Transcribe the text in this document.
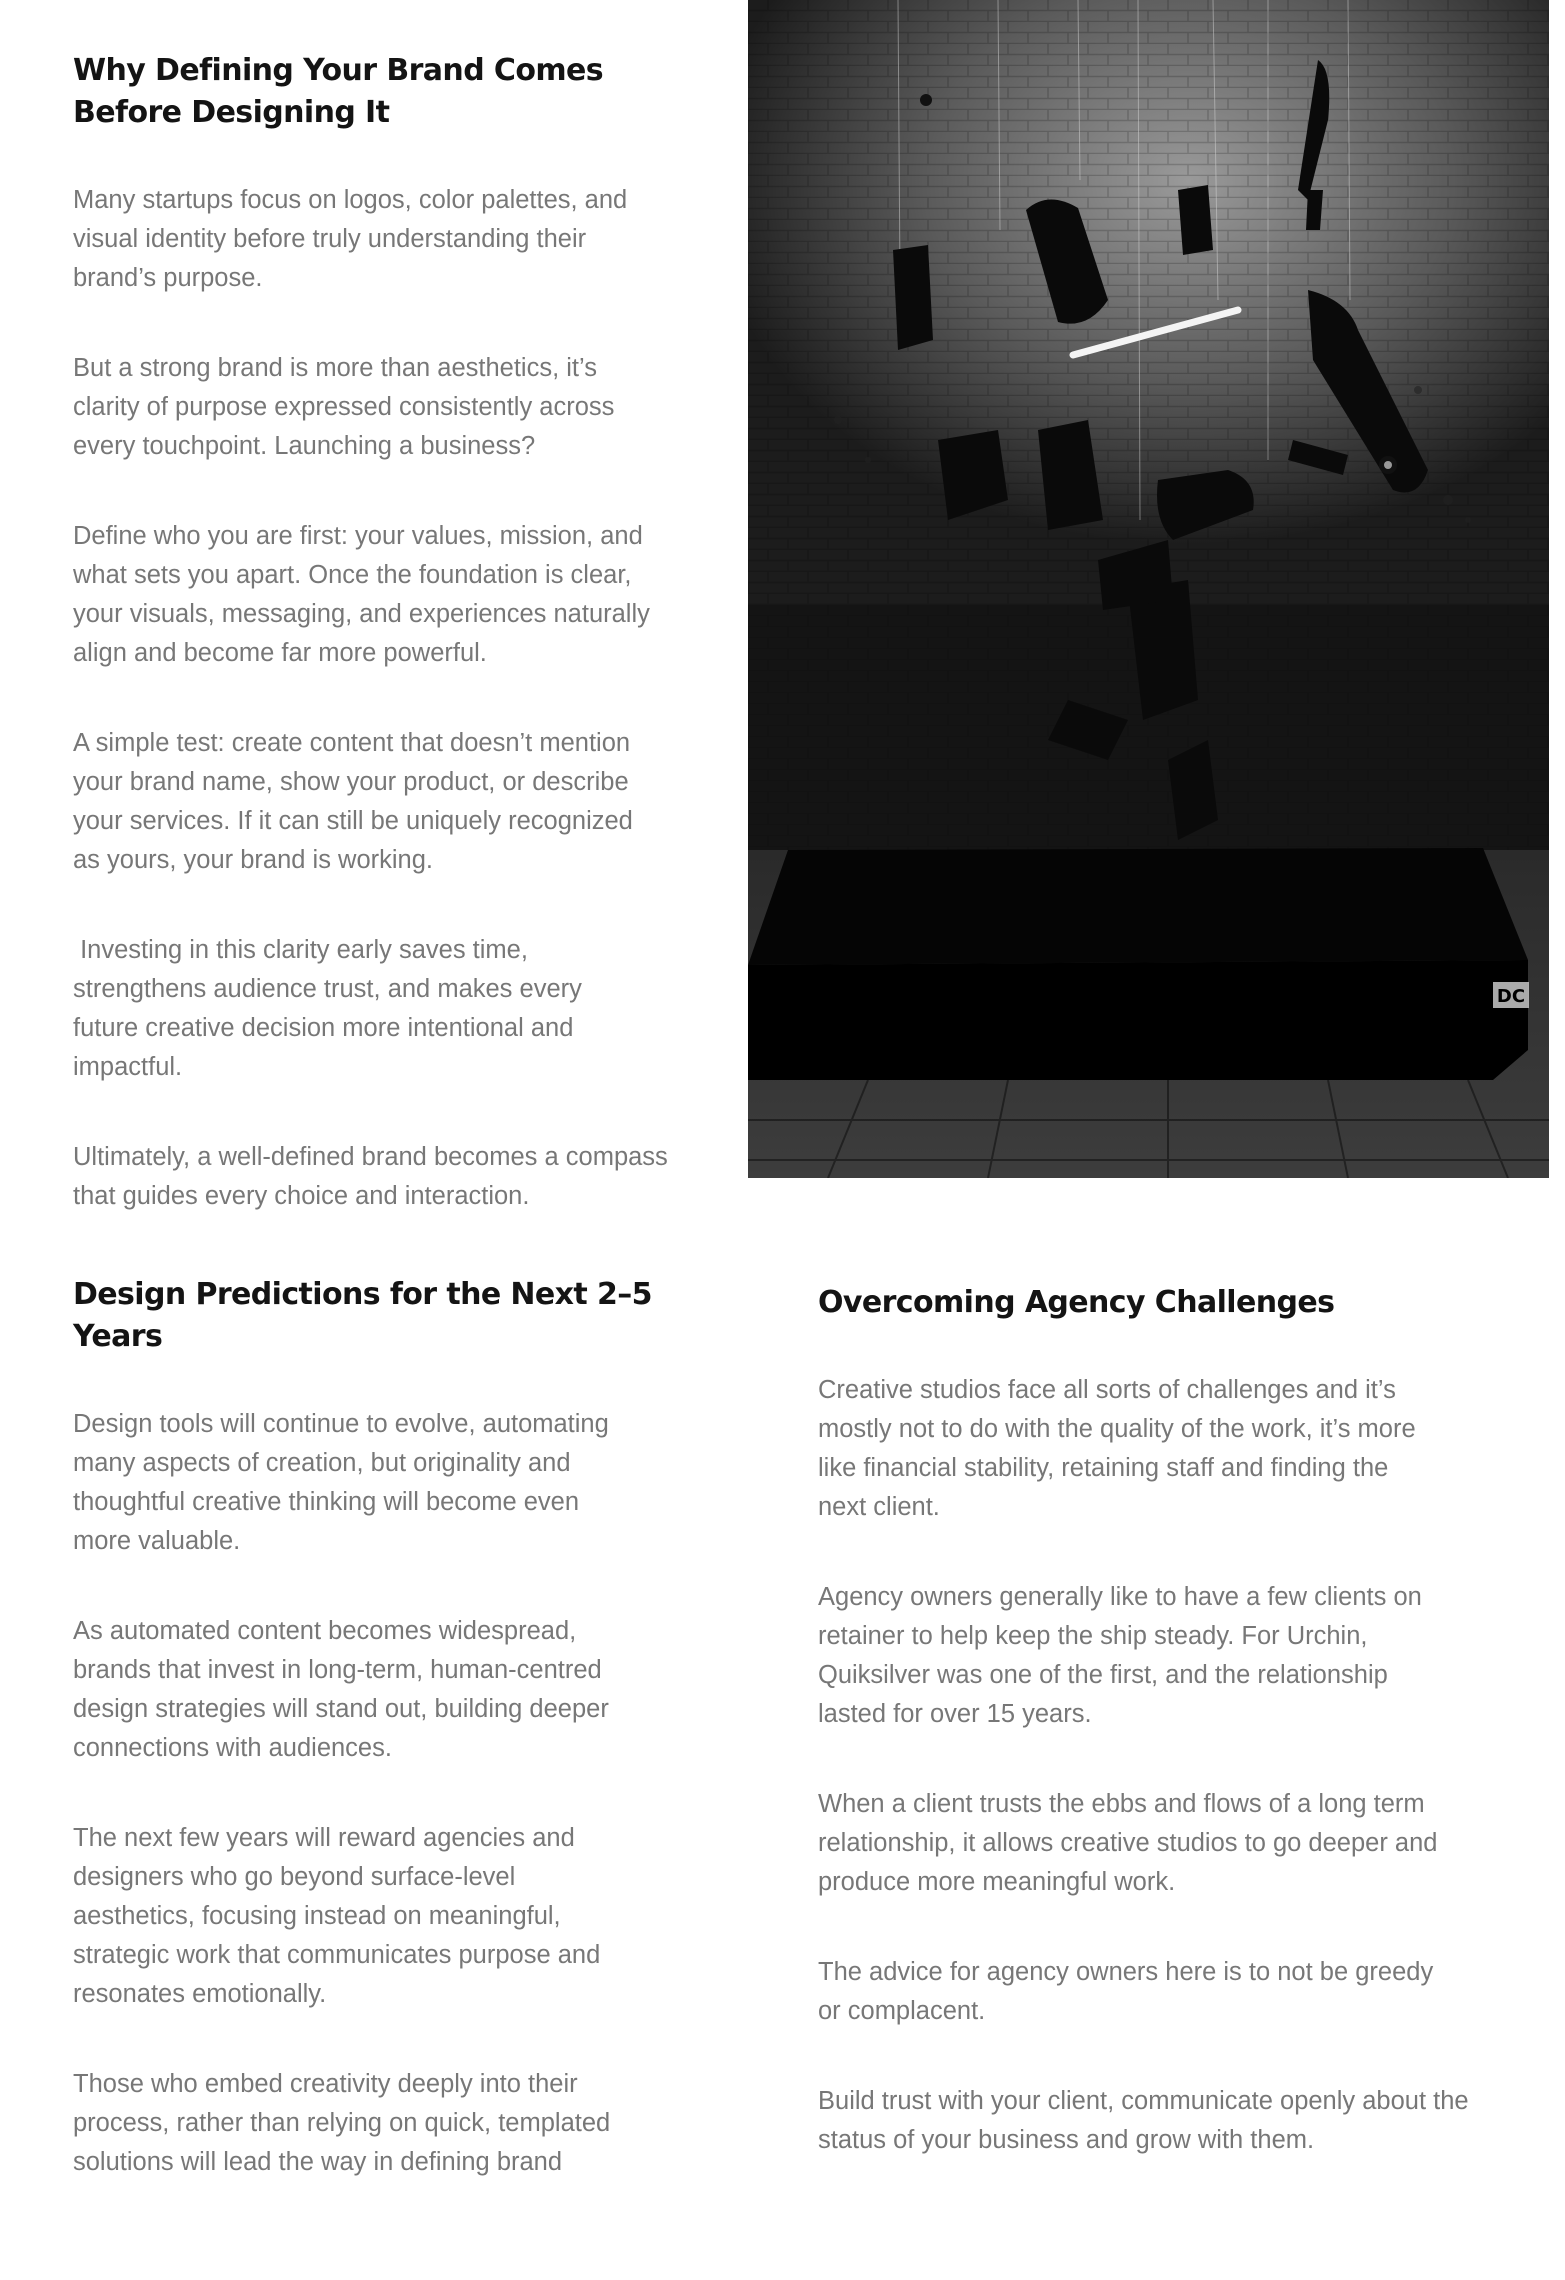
Why Defining Your Brand Comes
Before Designing It

Many startups focus on logos, color palettes, and visual identity before truly understanding their brand’s purpose.

But a strong brand is more than aesthetics, it’s clarity of purpose expressed consistently across every touchpoint. Launching a business?

Define who you are first: your values, mission, and what sets you apart. Once the foundation is clear, your visuals, messaging, and experiences naturally align and become far more powerful.

A simple test: create content that doesn’t mention your brand name, show your product, or describe your services. If it can still be uniquely recognized as yours, your brand is working.

Investing in this clarity early saves time, strengthens audience trust, and makes every future creative decision more intentional and impactful.

Ultimately, a well-defined brand becomes a compass that guides every choice and interaction.

DC
Design Predictions for the Next 2–5
Years

Design tools will continue to evolve, automating many aspects of creation, but originality and thoughtful creative thinking will become even more valuable.

As automated content becomes widespread, brands that invest in long-term, human-centred design strategies will stand out, building deeper connections with audiences.

The next few years will reward agencies and designers who go beyond surface-level aesthetics, focusing instead on meaningful, strategic work that communicates purpose and resonates emotionally.

Those who embed creativity deeply into their process, rather than relying on quick, templated solutions will lead the way in defining brand

Overcoming Agency Challenges

Creative studios face all sorts of challenges and it’s mostly not to do with the quality of the work, it’s more like financial stability, retaining staff and finding the next client.

Agency owners generally like to have a few clients on retainer to help keep the ship steady. For Urchin, Quiksilver was one of the first, and the relationship lasted for over 15 years.

When a client trusts the ebbs and flows of a long term relationship, it allows creative studios to go deeper and produce more meaningful work.

The advice for agency owners here is to not be greedy or complacent.

Build trust with your client, communicate openly about the status of your business and grow with them.
